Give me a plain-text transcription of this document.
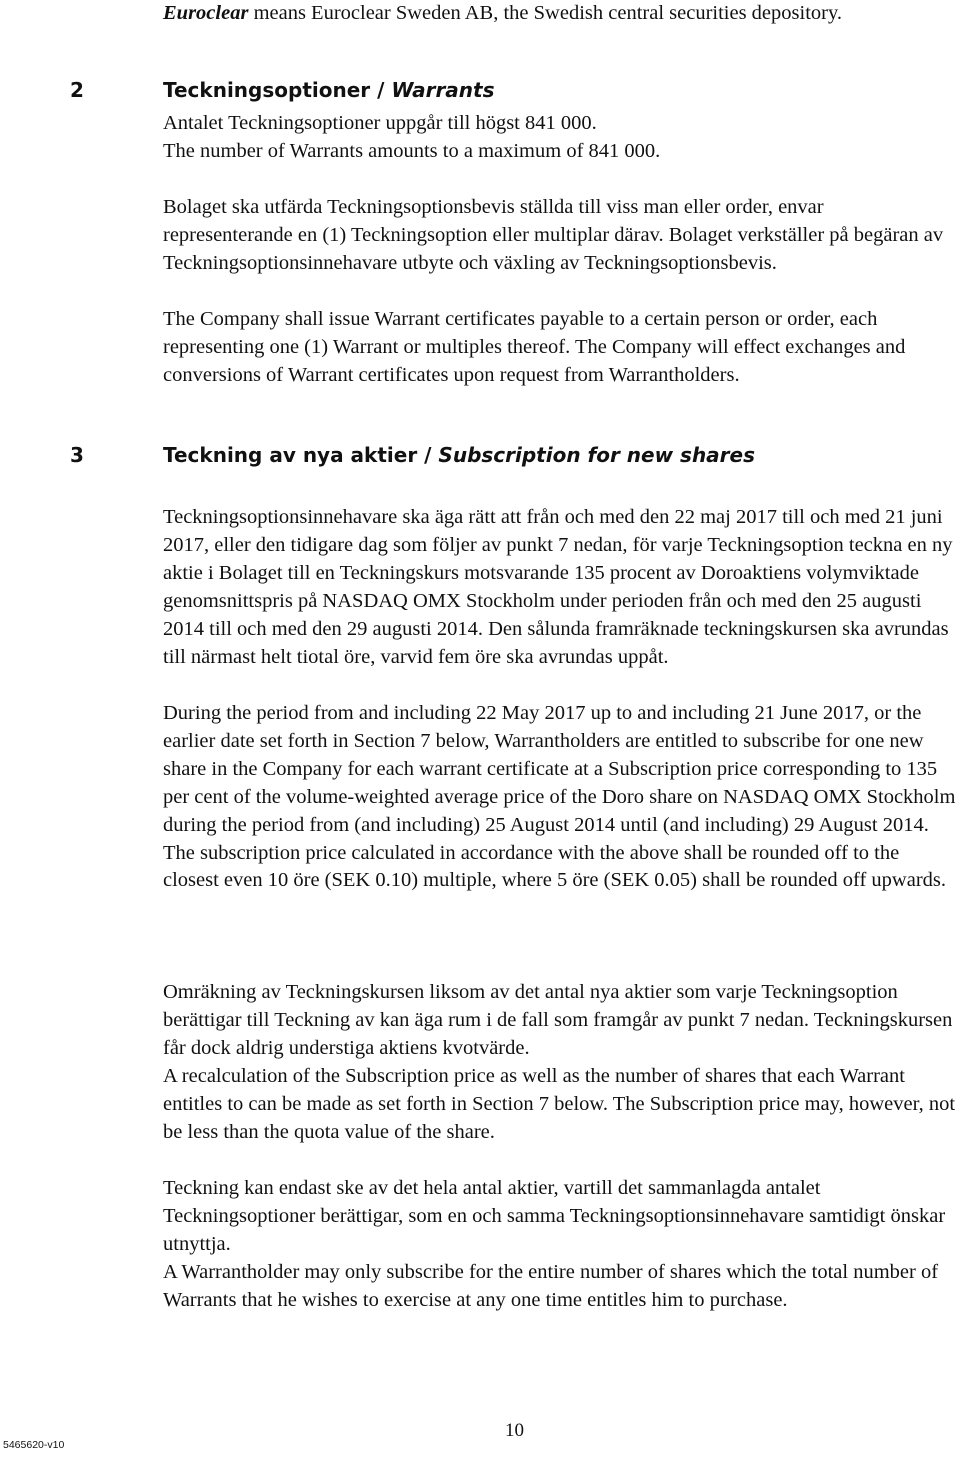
Euroclear means Euroclear Sweden AB, the Swedish central securities depository.

2	Teckningsoptioner / Warrants

Antalet Teckningsoptioner uppgår till högst 841 000.

The number of Warrants amounts to a maximum of 841 000.

Bolaget ska utfärda Teckningsoptionsbevis ställda till viss man eller order, envar representerande en (1) Teckningsoption eller multiplar därav. Bolaget verkställer på begäran av Teckningsoptionsinnehavare utbyte och växling av Teckningsoptionsbevis.

The Company shall issue Warrant certificates payable to a certain person or order, each representing one (1) Warrant or multiples thereof. The Company will effect exchanges and conversions of Warrant certificates upon request from Warrantholders.

3	Teckning av nya aktier / Subscription for new shares

Teckningsoptionsinnehavare ska äga rätt att från och med den 22 maj 2017 till och med 21 juni 2017, eller den tidigare dag som följer av punkt 7 nedan, för varje Teckningsoption teckna en ny aktie i Bolaget till en Teckningskurs motsvarande 135 procent av Doroaktiens volymviktade genomsnittspris på NASDAQ OMX Stockholm under perioden från och med den 25 augusti 2014 till och med den 29 augusti 2014. Den sålunda framräknade teckningskursen ska avrundas till närmast helt tiotal öre, varvid fem öre ska avrundas uppåt.

During the period from and including 22 May 2017 up to and including 21 June 2017, or the earlier date set forth in Section 7 below, Warrantholders are entitled to subscribe for one new share in the Company for each warrant certificate at a Subscription price corresponding to 135 per cent of the volume-weighted average price of the Doro share on NASDAQ OMX Stockholm during the period from (and including) 25 August 2014 until (and including) 29 August 2014. The subscription price calculated in accordance with the above shall be rounded off to the closest even 10 öre (SEK 0.10) multiple, where 5 öre (SEK 0.05) shall be rounded off upwards.

Omräkning av Teckningskursen liksom av det antal nya aktier som varje Teckningsoption berättigar till Teckning av kan äga rum i de fall som framgår av punkt 7 nedan. Teckningskursen får dock aldrig understiga aktiens kvotvärde.

A recalculation of the Subscription price as well as the number of shares that each Warrant entitles to can be made as set forth in Section 7 below. The Subscription price may, however, not be less than the quota value of the share.

Teckning kan endast ske av det hela antal aktier, vartill det sammanlagda antalet Teckningsoptioner berättigar, som en och samma Teckningsoptionsinnehavare samtidigt önskar utnyttja.

A Warrantholder may only subscribe for the entire number of shares which the total number of Warrants that he wishes to exercise at any one time entitles him to purchase.

10

5465620-v10
